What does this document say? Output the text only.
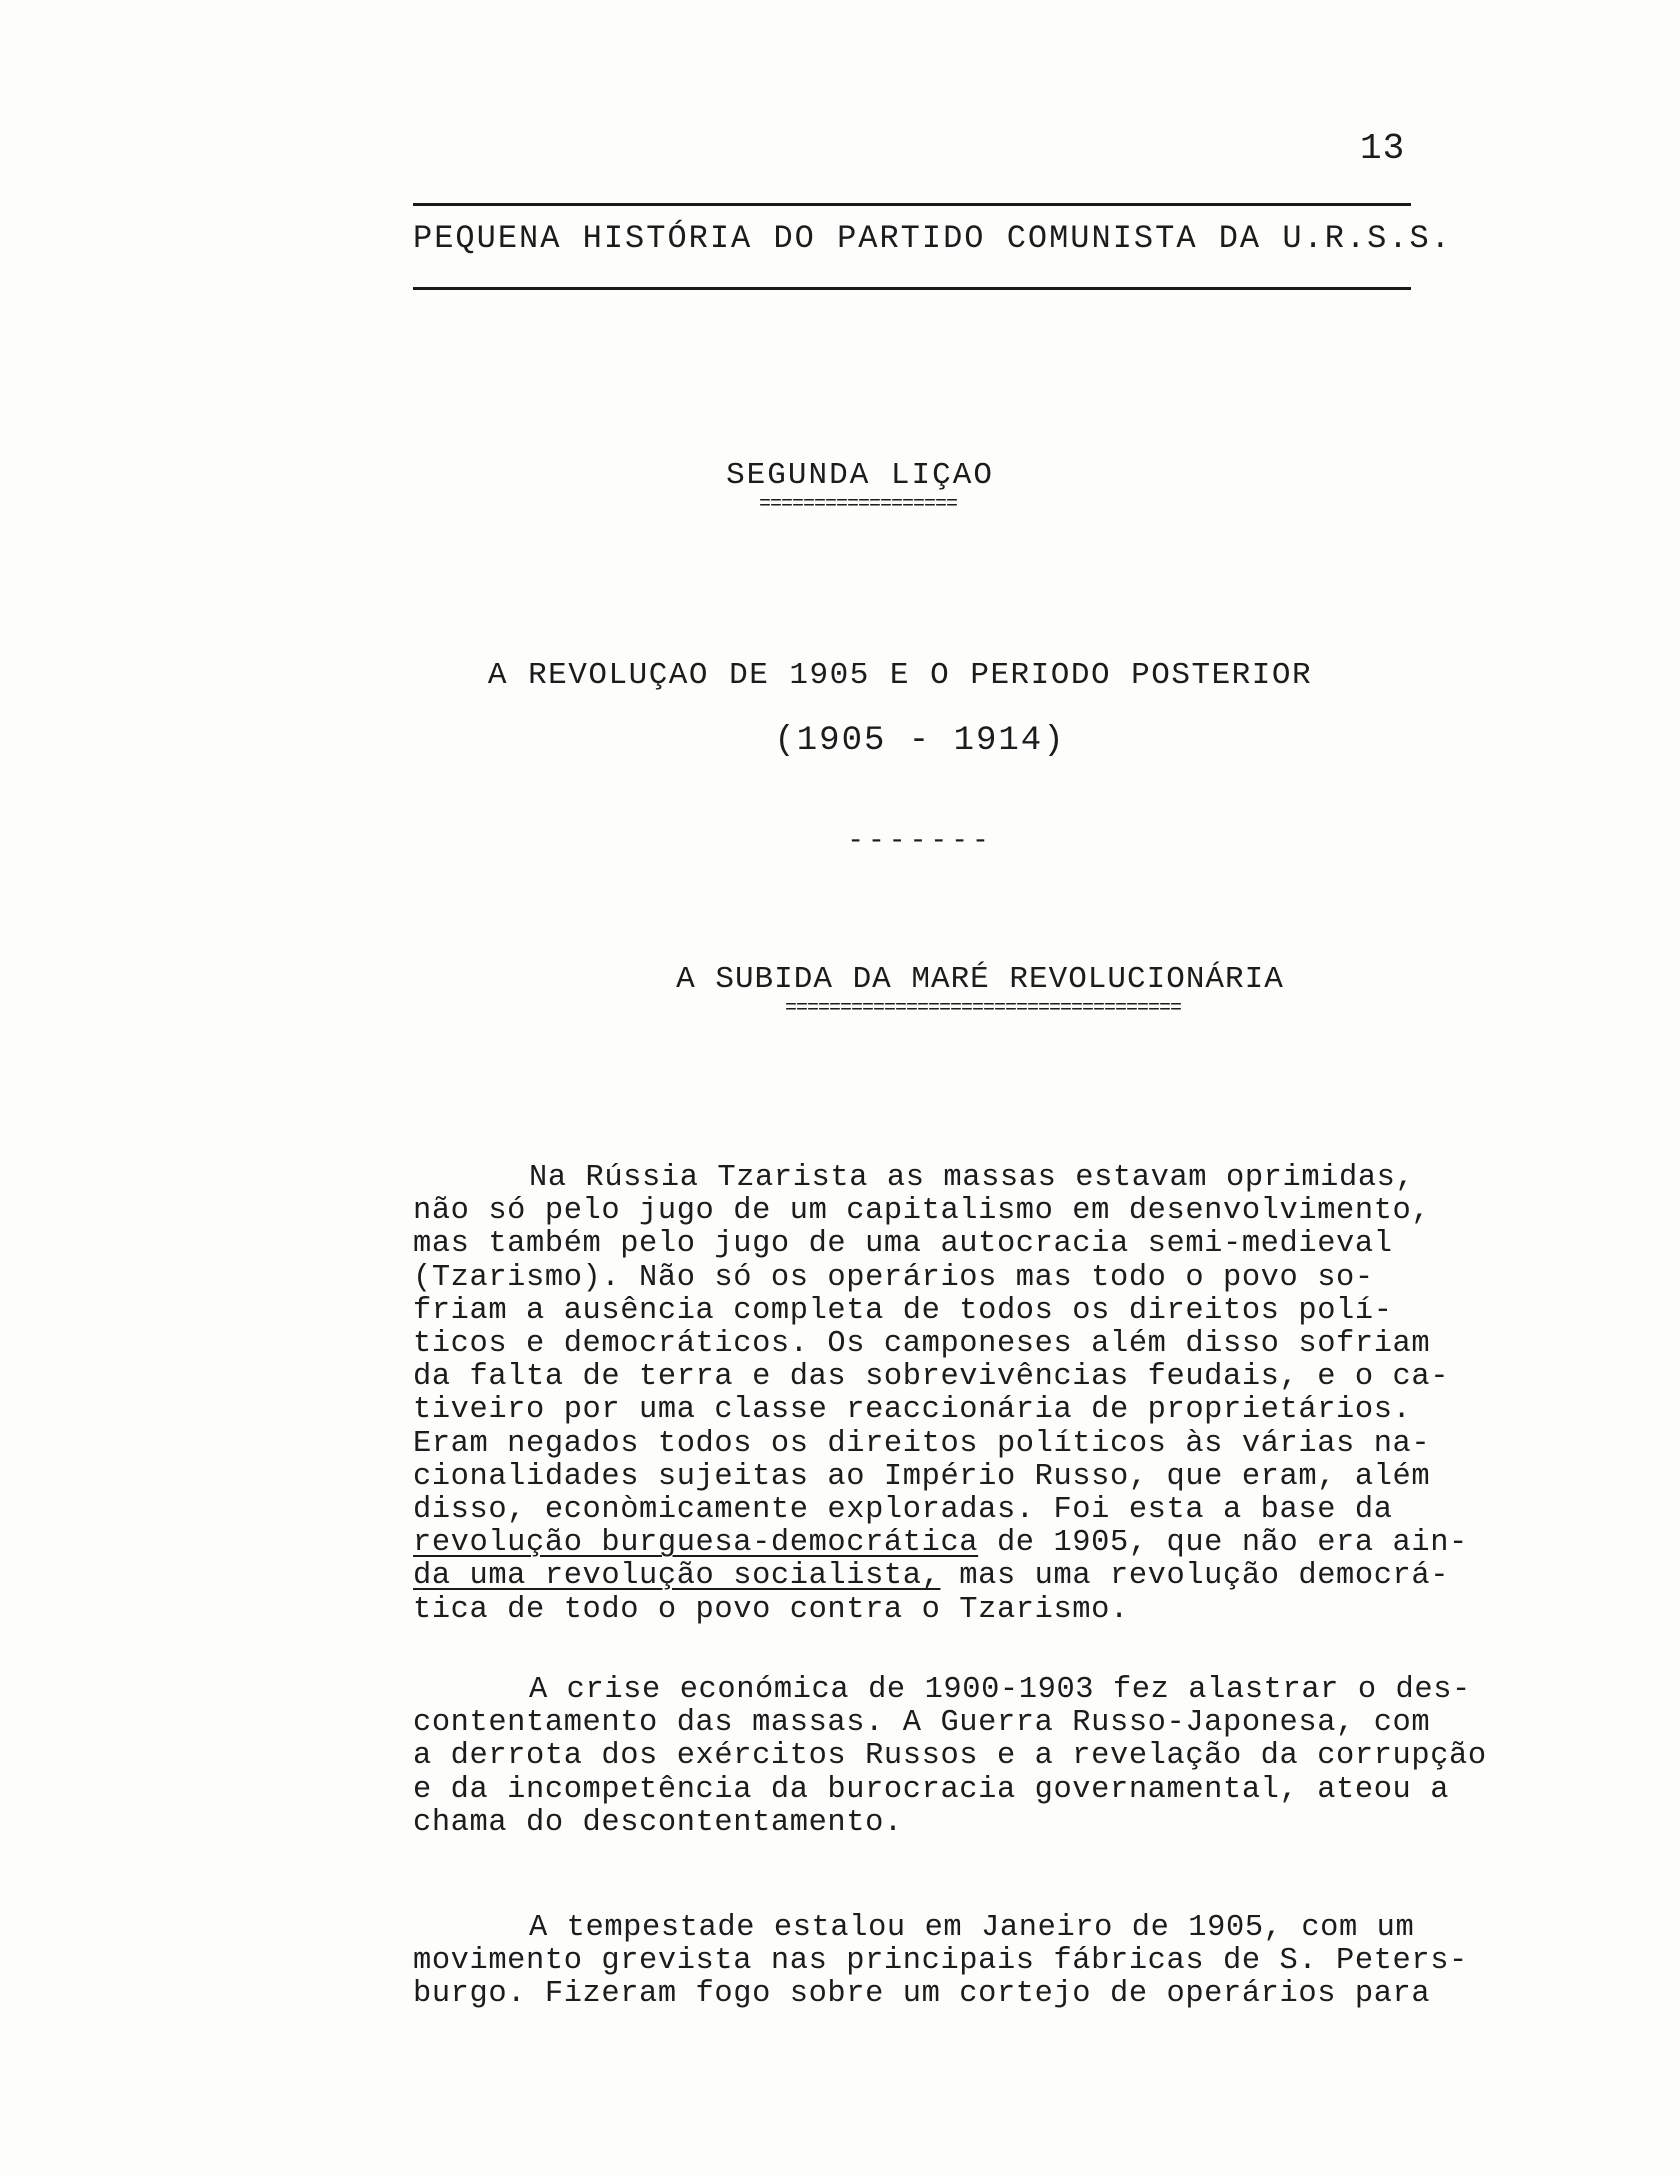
13
PEQUENA HISTÓRIA DO PARTIDO COMUNISTA DA U.R.S.S.
SEGUNDA LIÇAO
==================
A REVOLUÇAO DE 1905 E O PERIODO POSTERIOR
(1905 - 1914)
-------
A SUBIDA DA MARÉ REVOLUCIONÁRIA
====================================
Na Rússia Tzarista as massas estavam oprimidas,
não só pelo jugo de um capitalismo em desenvolvimento,
mas também pelo jugo de uma autocracia semi-medieval
(Tzarismo). Não só os operários mas todo o povo so-
friam a ausência completa de todos os direitos polí-
ticos e democráticos. Os camponeses além disso sofriam
da falta de terra e das sobrevivências feudais, e o ca-
tiveiro por uma classe reaccionária de proprietários.
Eram negados todos os direitos políticos às várias na-
cionalidades sujeitas ao Império Russo, que eram, além
disso, econòmicamente exploradas. Foi esta a base da
revolução burguesa-democrática de 1905, que não era ain-
da uma revolução socialista, mas uma revolução democrá-
tica de todo o povo contra o Tzarismo.
A crise económica de 1900-1903 fez alastrar o des-
contentamento das massas. A Guerra Russo-Japonesa, com
a derrota dos exércitos Russos e a revelação da corrupção
e da incompetência da burocracia governamental, ateou a
chama do descontentamento.
A tempestade estalou em Janeiro de 1905, com um
movimento grevista nas principais fábricas de S. Peters-
burgo. Fizeram fogo sobre um cortejo de operários para
